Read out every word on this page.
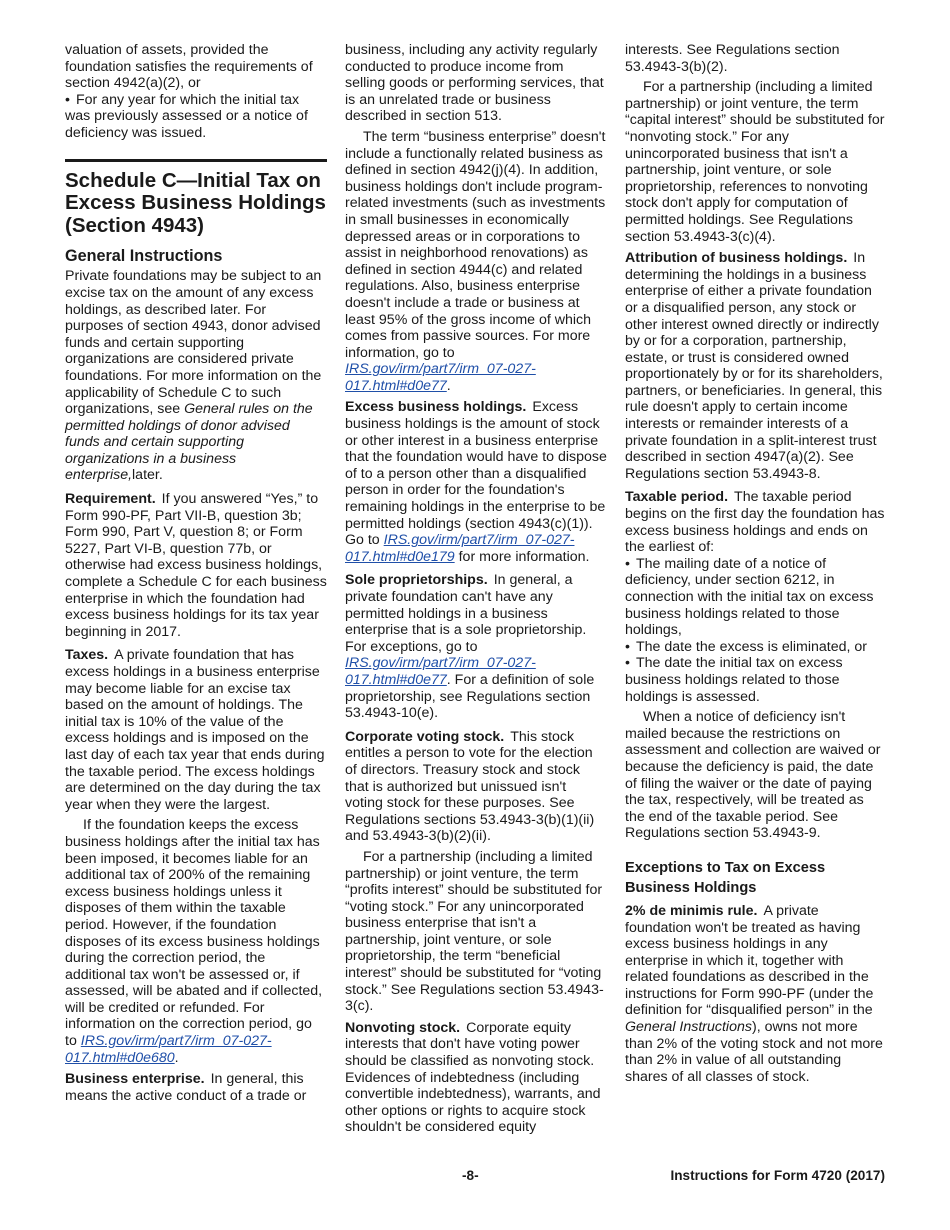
valuation of assets, provided the foundation satisfies the requirements of section 4942(a)(2), or

• For any year for which the initial tax was previously assessed or a notice of deficiency was issued.

Schedule C—Initial Tax on Excess Business Holdings (Section 4943)
General Instructions

Private foundations may be subject to an excise tax on the amount of any excess holdings, as described later. For purposes of section 4943, donor advised funds and certain supporting organizations are considered private foundations. For more information on the applicability of Schedule C to such organizations, see General rules on the permitted holdings of donor advised funds and certain supporting organizations in a business enterprise,later.

Requirement. If you answered “Yes,” to Form 990-PF, Part VII-B, question 3b; Form 990, Part V, question 8; or Form 5227, Part VI-B, question 77b, or otherwise had excess business holdings, complete a Schedule C for each business enterprise in which the foundation had excess business holdings for its tax year beginning in 2017.

Taxes. A private foundation that has excess holdings in a business enterprise may become liable for an excise tax based on the amount of holdings. The initial tax is 10% of the value of the excess holdings and is imposed on the last day of each tax year that ends during the taxable period. The excess holdings are determined on the day during the tax year when they were the largest.

If the foundation keeps the excess business holdings after the initial tax has been imposed, it becomes liable for an additional tax of 200% of the remaining excess business holdings unless it disposes of them within the taxable period. However, if the foundation disposes of its excess business holdings during the correction period, the additional tax won't be assessed or, if assessed, will be abated and if collected, will be credited or refunded. For information on the correction period, go to IRS.gov/irm/part7/irm_07-027-017.html#d0e680.

Business enterprise. In general, this means the active conduct of a trade or

business, including any activity regularly conducted to produce income from selling goods or performing services, that is an unrelated trade or business described in section 513.

The term “business enterprise” doesn't include a functionally related business as defined in section 4942(j)(4). In addition, business holdings don't include program-related investments (such as investments in small businesses in economically depressed areas or in corporations to assist in neighborhood renovations) as defined in section 4944(c) and related regulations. Also, business enterprise doesn't include a trade or business at least 95% of the gross income of which comes from passive sources. For more information, go to IRS.gov/irm/part7/irm_07-027-017.html#d0e77.

Excess business holdings. Excess business holdings is the amount of stock or other interest in a business enterprise that the foundation would have to dispose of to a person other than a disqualified person in order for the foundation's remaining holdings in the enterprise to be permitted holdings (section 4943(c)(1)). Go to IRS.gov/irm/part7/irm_07-027-017.html#d0e179 for more information.

Sole proprietorships. In general, a private foundation can't have any permitted holdings in a business enterprise that is a sole proprietorship. For exceptions, go to IRS.gov/irm/part7/irm_07-027-017.html#d0e77. For a definition of sole proprietorship, see Regulations section 53.4943-10(e).

Corporate voting stock. This stock entitles a person to vote for the election of directors. Treasury stock and stock that is authorized but unissued isn't voting stock for these purposes. See Regulations sections 53.4943-3(b)(1)(ii) and 53.4943-3(b)(2)(ii).

For a partnership (including a limited partnership) or joint venture, the term “profits interest” should be substituted for “voting stock.” For any unincorporated business enterprise that isn't a partnership, joint venture, or sole proprietorship, the term “beneficial interest” should be substituted for “voting stock.” See Regulations section 53.4943-3(c).

Nonvoting stock. Corporate equity interests that don't have voting power should be classified as nonvoting stock. Evidences of indebtedness (including convertible indebtedness), warrants, and other options or rights to acquire stock shouldn't be considered equity

interests. See Regulations section 53.4943-3(b)(2).

For a partnership (including a limited partnership) or joint venture, the term “capital interest” should be substituted for “nonvoting stock.” For any unincorporated business that isn't a partnership, joint venture, or sole proprietorship, references to nonvoting stock don't apply for computation of permitted holdings. See Regulations section 53.4943-3(c)(4).

Attribution of business holdings. In determining the holdings in a business enterprise of either a private foundation or a disqualified person, any stock or other interest owned directly or indirectly by or for a corporation, partnership, estate, or trust is considered owned proportionately by or for its shareholders, partners, or beneficiaries. In general, this rule doesn't apply to certain income interests or remainder interests of a private foundation in a split-interest trust described in section 4947(a)(2). See Regulations section 53.4943-8.

Taxable period. The taxable period begins on the first day the foundation has excess business holdings and ends on the earliest of:

• The mailing date of a notice of deficiency, under section 6212, in connection with the initial tax on excess business holdings related to those holdings,

• The date the excess is eliminated, or

• The date the initial tax on excess business holdings related to those holdings is assessed.

When a notice of deficiency isn't mailed because the restrictions on assessment and collection are waived or because the deficiency is paid, the date of filing the waiver or the date of paying the tax, respectively, will be treated as the end of the taxable period. See Regulations section 53.4943-9.

Exceptions to Tax on Excess Business Holdings

2% de minimis rule. A private foundation won't be treated as having excess business holdings in any enterprise in which it, together with related foundations as described in the instructions for Form 990-PF (under the definition for “disqualified person” in the General Instructions), owns not more than 2% of the voting stock and not more than 2% in value of all outstanding shares of all classes of stock.

-8-	Instructions for Form 4720 (2017)
